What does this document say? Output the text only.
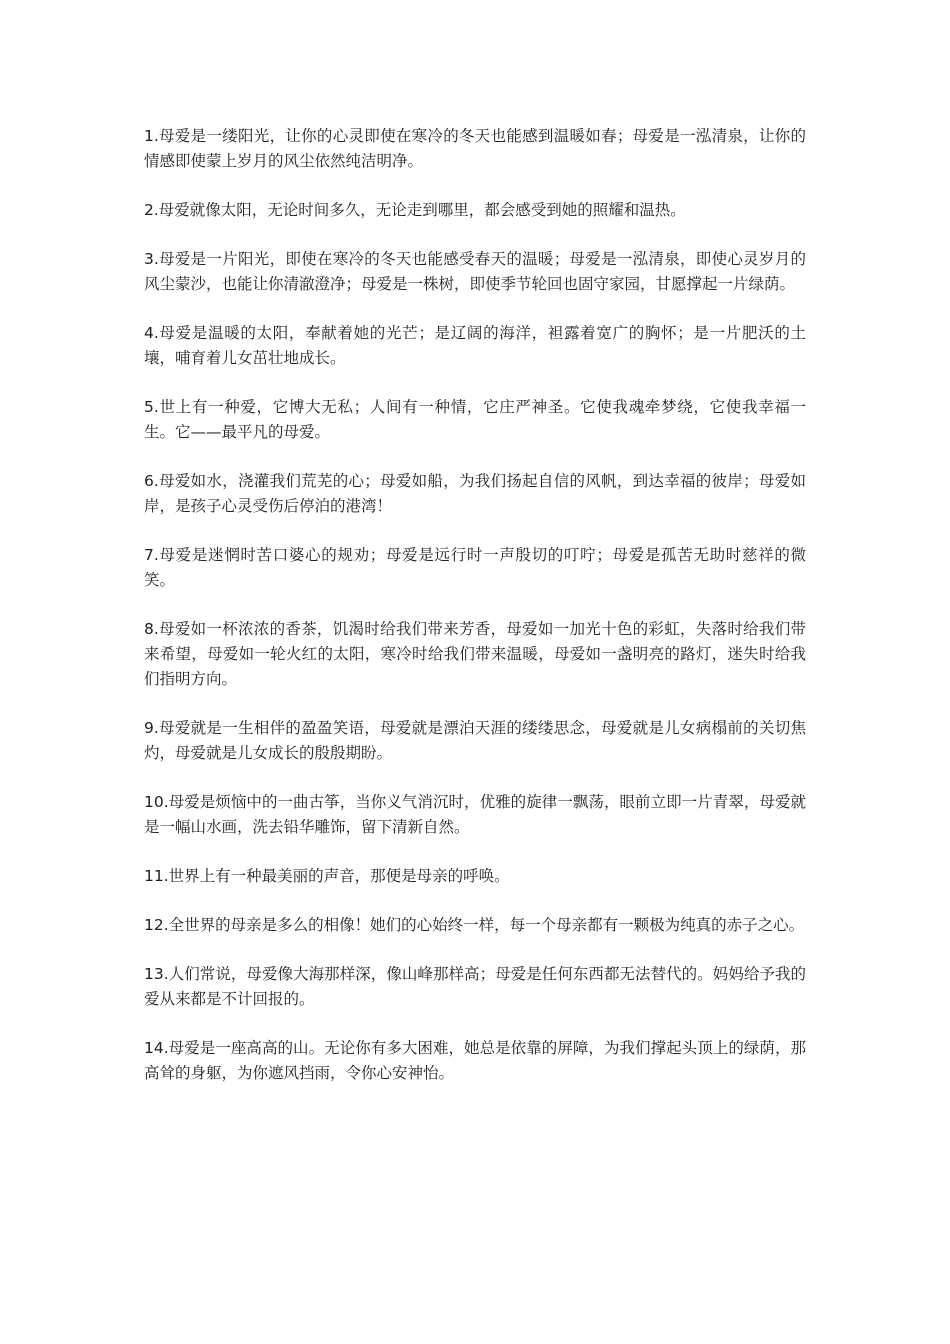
1.母爱是一缕阳光，让你的心灵即使在寒冷的冬天也能感到温暖如春；母爱是一泓清泉，让你的情感即使蒙上岁月的风尘依然纯洁明净。

2.母爱就像太阳，无论时间多久，无论走到哪里，都会感受到她的照耀和温热。

3.母爱是一片阳光，即使在寒冷的冬天也能感受春天的温暖；母爱是一泓清泉，即使心灵岁月的风尘蒙沙，也能让你清澈澄净；母爱是一株树，即使季节轮回也固守家园，甘愿撑起一片绿荫。

4.母爱是温暖的太阳，奉献着她的光芒；是辽阔的海洋，袒露着宽广的胸怀；是一片肥沃的土壤，哺育着儿女茁壮地成长。

5.世上有一种爱，它博大无私；人间有一种情，它庄严神圣。它使我魂牵梦绕，它使我幸福一生。它——最平凡的母爱。

6.母爱如水，浇灌我们荒芜的心；母爱如船，为我们扬起自信的风帆，到达幸福的彼岸；母爱如岸，是孩子心灵受伤后停泊的港湾！

7.母爱是迷惘时苦口婆心的规劝；母爱是远行时一声殷切的叮咛；母爱是孤苦无助时慈祥的微笑。

8.母爱如一杯浓浓的香茶，饥渴时给我们带来芳香，母爱如一加光十色的彩虹，失落时给我们带来希望，母爱如一轮火红的太阳，寒冷时给我们带来温暖，母爱如一盏明亮的路灯，迷失时给我们指明方向。

9.母爱就是一生相伴的盈盈笑语，母爱就是漂泊天涯的缕缕思念，母爱就是儿女病榻前的关切焦灼，母爱就是儿女成长的殷殷期盼。

10.母爱是烦恼中的一曲古筝，当你义气消沉时，优雅的旋律一飘荡，眼前立即一片青翠，母爱就是一幅山水画，洗去铅华雕饰，留下清新自然。

11.世界上有一种最美丽的声音，那便是母亲的呼唤。

12.全世界的母亲是多么的相像！她们的心始终一样，每一个母亲都有一颗极为纯真的赤子之心。

13.人们常说，母爱像大海那样深，像山峰那样高；母爱是任何东西都无法替代的。妈妈给予我的爱从来都是不计回报的。

14.母爱是一座高高的山。无论你有多大困难，她总是依靠的屏障，为我们撑起头顶上的绿荫，那高耸的身躯，为你遮风挡雨，令你心安神怡。
